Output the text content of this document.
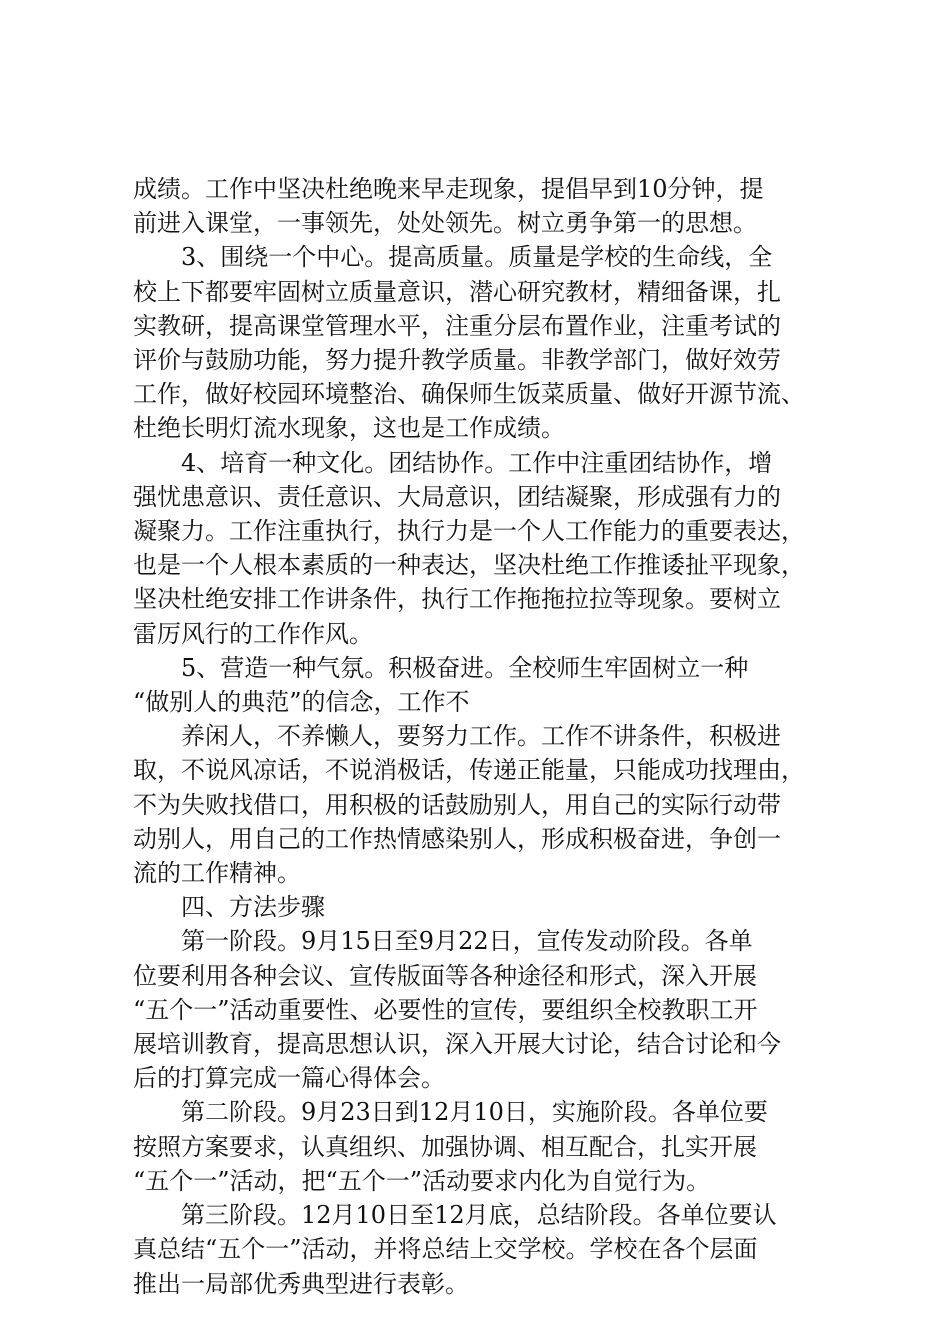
成绩。工作中坚决杜绝晚来早走现象，提倡早到10分钟，提
前进入课堂，一事领先，处处领先。树立勇争第一的思想。
3、围绕一个中心。提高质量。质量是学校的生命线，全
校上下都要牢固树立质量意识，潜心研究教材，精细备课，扎
实教研，提高课堂管理水平，注重分层布置作业，注重考试的
评价与鼓励功能，努力提升教学质量。非教学部门，做好效劳
工作，做好校园环境整治、确保师生饭菜质量、做好开源节流、
杜绝长明灯流水现象，这也是工作成绩。
4、培育一种文化。团结协作。工作中注重团结协作，增
强忧患意识、责任意识、大局意识，团结凝聚，形成强有力的
凝聚力。工作注重执行，执行力是一个人工作能力的重要表达，
也是一个人根本素质的一种表达，坚决杜绝工作推诿扯平现象，
坚决杜绝安排工作讲条件，执行工作拖拖拉拉等现象。要树立
雷厉风行的工作作风。
5、营造一种气氛。积极奋进。全校师生牢固树立一种
“做别人的典范”的信念，工作不
养闲人，不养懒人，要努力工作。工作不讲条件，积极进
取，不说风凉话，不说消极话，传递正能量，只能成功找理由，
不为失败找借口，用积极的话鼓励别人，用自己的实际行动带
动别人，用自己的工作热情感染别人，形成积极奋进，争创一
流的工作精神。
四、方法步骤
第一阶段。9月15日至9月22日，宣传发动阶段。各单
位要利用各种会议、宣传版面等各种途径和形式，深入开展
“五个一”活动重要性、必要性的宣传，要组织全校教职工开
展培训教育，提高思想认识，深入开展大讨论，结合讨论和今
后的打算完成一篇心得体会。
第二阶段。9月23日到12月10日，实施阶段。各单位要
按照方案要求，认真组织、加强协调、相互配合，扎实开展
“五个一”活动，把“五个一”活动要求内化为自觉行为。
第三阶段。12月10日至12月底，总结阶段。各单位要认
真总结“五个一”活动，并将总结上交学校。学校在各个层面
推出一局部优秀典型进行表彰。
